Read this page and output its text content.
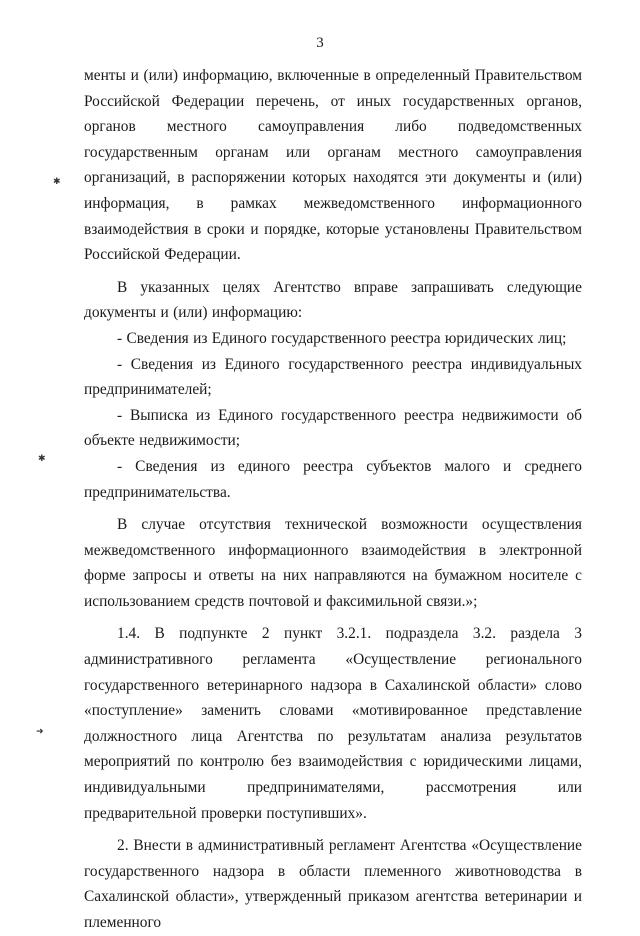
3
✱
✱
➜

менты и (или) информацию, включенные в определенный Правительством Российской Федерации перечень, от иных государственных органов, органов местного самоуправления либо подведомственных государственным органам или органам местного самоуправления организаций, в распоряжении которых находятся эти документы и (или) информация, в рамках межведомственного информационного взаимодействия в сроки и порядке, которые установлены Правительством Российской Федерации.

В указанных целях Агентство вправе запрашивать следующие документы и (или) информацию:

- Сведения из Единого государственного реестра юридических лиц;

- Сведения из Единого государственного реестра индивидуальных предпринимателей;

- Выписка из Единого государственного реестра недвижимости об объекте недвижимости;

- Сведения из единого реестра субъектов малого и среднего предпринимательства.

В случае отсутствия технической возможности осуществления межведомственного информационного взаимодействия в электронной форме запросы и ответы на них направляются на бумажном носителе с использованием средств почтовой и факсимильной связи.»;

1.4. В подпункте 2 пункт 3.2.1. подраздела 3.2. раздела 3 административного регламента «Осуществление регионального государственного ветеринарного надзора в Сахалинской области» слово «поступление» заменить словами «мотивированное представление должностного лица Агентства по результатам анализа результатов мероприятий по контролю без взаимодействия с юридическими лицами, индивидуальными предпринимателями, рассмотрения или предварительной проверки поступивших».

2. Внести в административный регламент Агентства «Осуществление государственного надзора в области племенного животноводства в Сахалинской области», утвержденный приказом агентства ветеринарии и племенного
